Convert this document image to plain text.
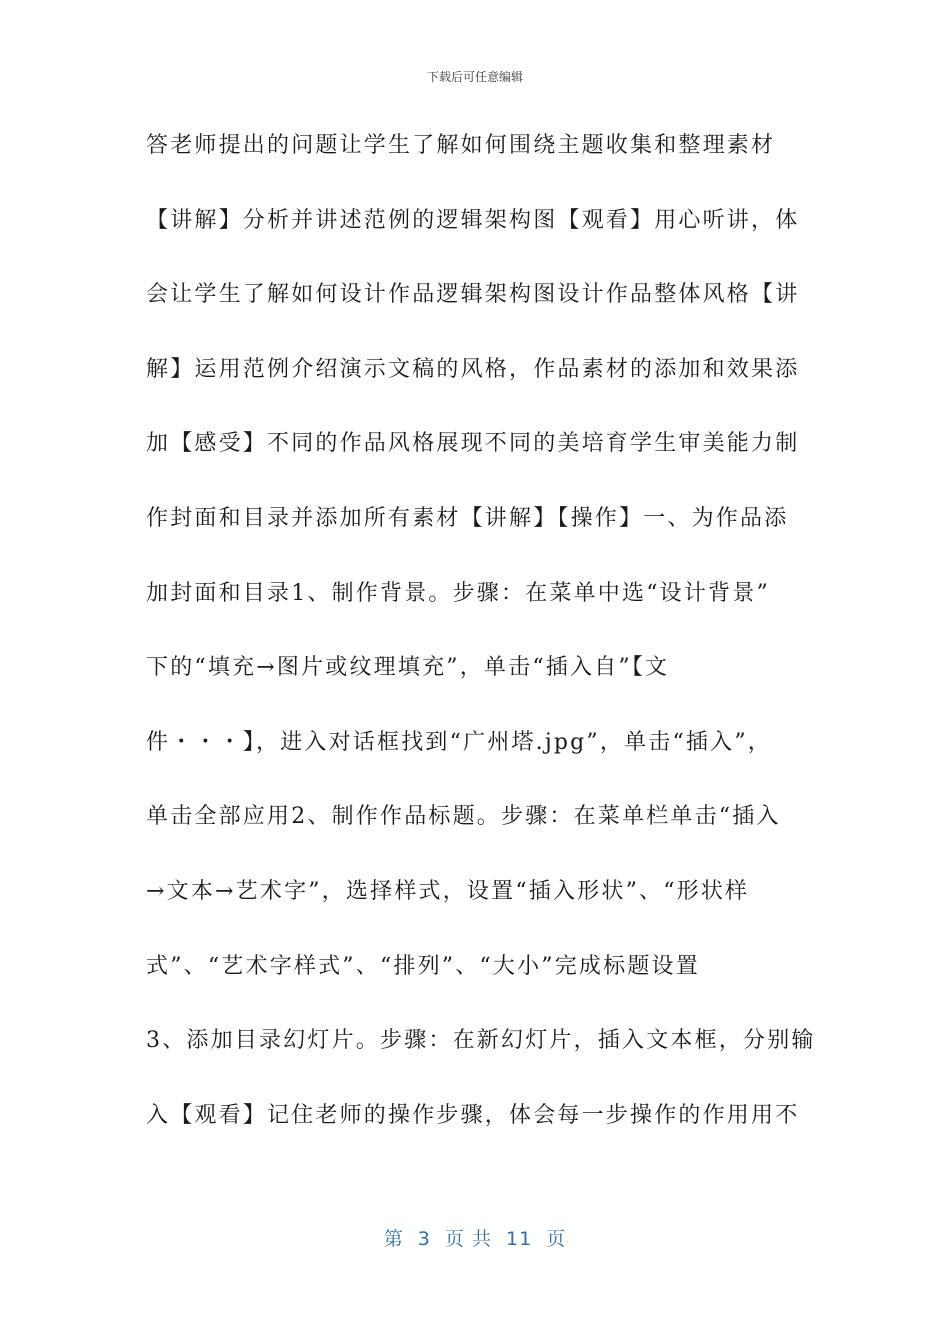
下载后可任意编辑
答老师提出的问题让学生了解如何围绕主题收集和整理素材
【讲解】分析并讲述范例的逻辑架构图【观看】用心听讲，体
会让学生了解如何设计作品逻辑架构图设计作品整体风格【讲
解】运用范例介绍演示文稿的风格，作品素材的添加和效果添
加【感受】不同的作品风格展现不同的美培育学生审美能力制
作封面和目录并添加所有素材【讲解】【操作】一、为作品添
加封面和目录1、制作背景。步骤：在菜单中选“设计背景”
下的“填充→图片或纹理填充”，单击“插入自”【文
件・・・】，进入对话框找到“广州塔.jpg”，单击“插入”，
单击全部应用2、制作作品标题。步骤：在菜单栏单击“插入
→文本→艺术字”，选择样式，设置“插入形状”、“形状样
式”、“艺术字样式”、“排列”、“大小”完成标题设置
3、添加目录幻灯片。步骤：在新幻灯片，插入文本框，分别输
入【观看】记住老师的操作步骤，体会每一步操作的作用用不
第  3  页 共  11  页
